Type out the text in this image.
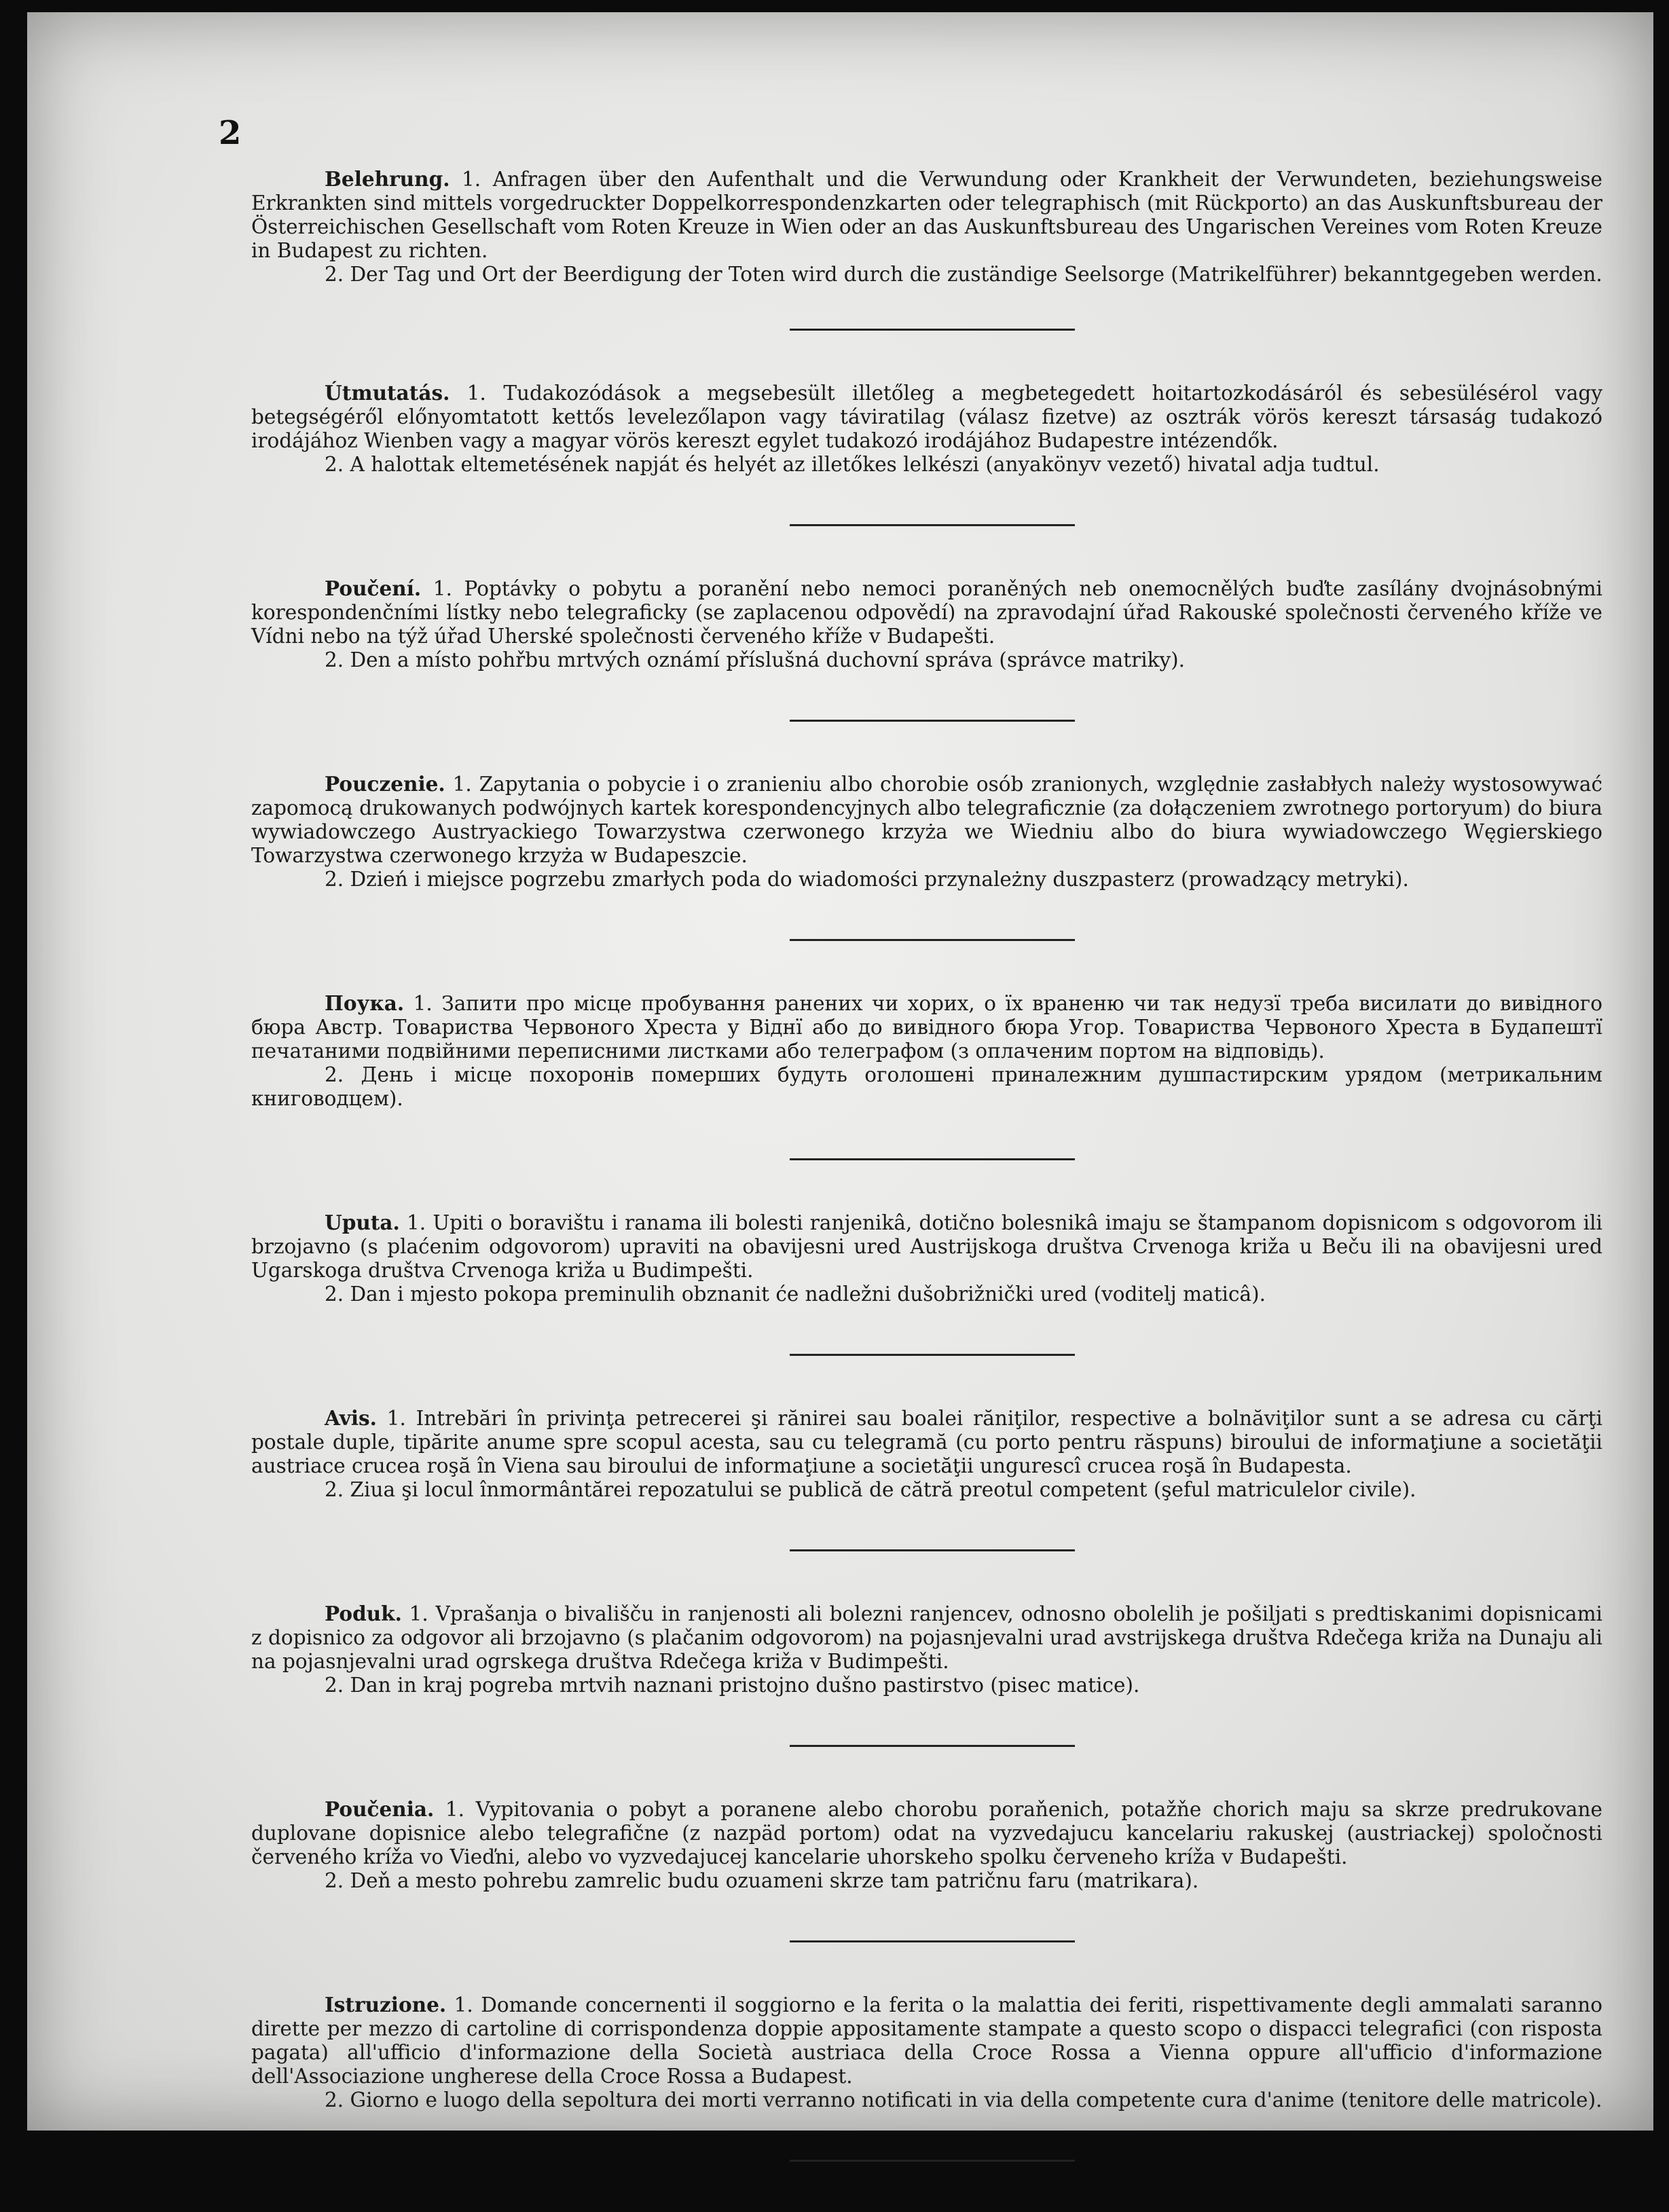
2

Belehrung. 1. Anfragen über den Aufenthalt und die Verwundung oder Krankheit der Verwundeten, beziehungsweise Erkrankten sind mittels vorgedruckter Doppelkorrespondenzkarten oder telegraphisch (mit Rückporto) an das Auskunftsbureau der Österreichischen Gesellschaft vom Roten Kreuze in Wien oder an das Auskunftsbureau des Ungarischen Vereines vom Roten Kreuze in Budapest zu richten.

2. Der Tag und Ort der Beerdigung der Toten wird durch die zuständige Seelsorge (Matrikelführer) bekanntgegeben werden.

Útmutatás. 1. Tudakozódások a megsebesült illetőleg a megbetegedett hoitartozkodásáról és sebesülésérol vagy betegségéről előnyomtatott kettős levelezőlapon vagy táviratilag (válasz fizetve) az osztrák vörös kereszt társaság tudakozó irodájához Wienben vagy a magyar vörös kereszt egylet tudakozó irodájához Budapestre intézendők.

2. A halottak eltemetésének napját és helyét az illetőkes lelkészi (anyakönyv vezető) hivatal adja tudtul.

Poučení. 1. Poptávky o pobytu a poranění nebo nemoci poraněných neb onemocnělých buďte zasílány dvojnásobnými korespondenčními lístky nebo telegraficky (se zaplacenou odpovědí) na zpravodajní úřad Rakouské společnosti červeného kříže ve Vídni nebo na týž úřad Uherské společnosti červeného kříže v Budapešti.

2. Den a místo pohřbu mrtvých oznámí příslušná duchovní správa (správce matriky).

Pouczenie. 1. Zapytania o pobycie i o zranieniu albo chorobie osób zranionych, względnie zasłabłych należy wystosowywać zapomocą drukowanych podwójnych kartek korespondencyjnych albo telegraficznie (za dołączeniem zwrotnego portoryum) do biura wywiadowczego Austryackiego Towarzystwa czerwonego krzyża we Wiedniu albo do biura wywiadowczego Węgierskiego Towarzystwa czerwonego krzyża w Budapeszcie.

2. Dzień i miejsce pogrzebu zmarłych poda do wiadomości przynależny duszpasterz (prowadzący metryki).

Поука. 1. Запити про місце пробування ранених чи хорих, о їх враненю чи так недузї треба висилати до вивідного бюра Австр. Товариства Червоного Хреста у Віднї або до вивідного бюра Угор. Товариства Червоного Хреста в Будапештї печатаними подвійними переписними листками або телеграфом (з оплаченим портом на відповідь).

2. День і місце похоронів померших будуть оголошені приналежним душпастирским урядом (метрикальним книговодцем).

Uputa. 1. Upiti o boravištu i ranama ili bolesti ranjenikâ, dotično bolesnikâ imaju se štampanom dopisnicom s odgovorom ili brzojavno (s plaćenim odgovorom) upraviti na obavijesni ured Austrijskoga društva Crvenoga križa u Beču ili na obavijesni ured Ugarskoga društva Crvenoga križa u Budimpešti.

2. Dan i mjesto pokopa preminulih obznanit će nadležni dušobrižnički ured (voditelj maticâ).

Avis. 1. Intrebări în privinţa petrecerei şi rănirei sau boalei răniţilor, respective a bolnăviţilor sunt a se adresa cu cărţi postale duple, tipărite anume spre scopul acesta, sau cu telegramă (cu porto pentru răspuns) biroului de informaţiune a societăţii austriace crucea roşă în Viena sau biroului de informaţiune a societăţii ungurescî crucea roşă în Budapesta.

2. Ziua şi locul înmormântărei repozatului se publică de cătră preotul competent (şeful matriculelor civile).

Poduk. 1. Vprašanja o bivališču in ranjenosti ali bolezni ranjencev, odnosno obolelih je pošiljati s predtiskanimi dopisnicami z dopisnico za odgovor ali brzojavno (s plačanim odgovorom) na pojasnjevalni urad avstrijskega društva Rdečega križa na Dunaju ali na pojasnjevalni urad ogrskega društva Rdečega križa v Budimpešti.

2. Dan in kraj pogreba mrtvih naznani pristojno dušno pastirstvo (pisec matice).

Poučenia. 1. Vypitovania o pobyt a poranene alebo chorobu poraňenich, potažňe chorich maju sa skrze predrukovane duplovane dopisnice alebo telegrafične (z nazpäd portom) odat na vyzvedajucu kancelariu rakuskej (austriackej) spoločnosti červeného kríža vo Vieďni, alebo vo vyzvedajucej kancelarie uhorskeho spolku červeneho kríža v Budapešti.

2. Deň a mesto pohrebu zamrelic budu ozuameni skrze tam patričnu faru (matrikara).

Istruzione. 1. Domande concernenti il soggiorno e la ferita o la malattia dei feriti, rispettivamente degli ammalati saranno dirette per mezzo di cartoline di corrispondenza doppie appositamente stampate a questo scopo o dispacci telegrafici (con risposta pagata) all'ufficio d'informazione della Società austriaca della Croce Rossa a Vienna oppure all'ufficio d'informazione dell'Associazione ungherese della Croce Rossa a Budapest.

2. Giorno e luogo della sepoltura dei morti verranno notificati in via della competente cura d'anime (tenitore delle matricole).
